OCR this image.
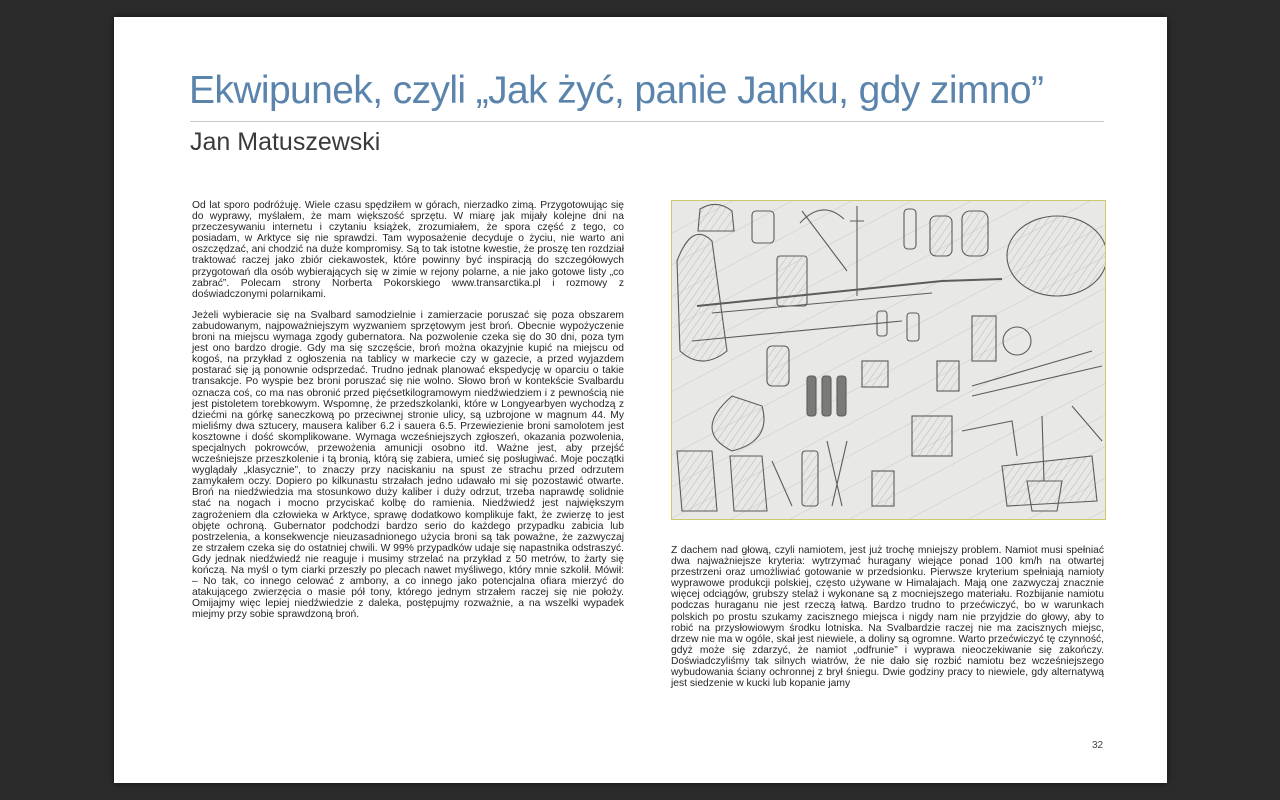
Ekwipunek, czyli „Jak żyć, panie Janku, gdy zimno”
Jan Matuszewski

Od lat sporo podróżuję. Wiele czasu spędziłem w górach, nierzadko zimą. Przygotowując się do wyprawy, myślałem, że mam większość sprzętu. W miarę jak mijały kolejne dni na przeczesywaniu internetu i czytaniu książek, zrozumiałem, że spora część z tego, co posiadam, w Arktyce się nie sprawdzi. Tam wyposażenie decyduje o życiu, nie warto ani oszczędzać, ani chodzić na duże kompromisy. Są to tak istotne kwestie, że proszę ten rozdział traktować raczej jako zbiór ciekawostek, które powinny być inspiracją do szczegółowych przygotowań dla osób wybierających się w zimie w rejony polarne, a nie jako gotowe listy „co zabrać”. Polecam strony Norberta Pokorskiego www.transarctika.pl i rozmowy z doświadczonymi polarnikami.

Jeżeli wybieracie się na Svalbard samodzielnie i zamierzacie poruszać się poza obszarem zabudowanym, najpoważniejszym wyzwaniem sprzętowym jest broń. Obecnie wypożyczenie broni na miejscu wymaga zgody gubernatora. Na pozwolenie czeka się do 30 dni, poza tym jest ono bardzo drogie. Gdy ma się szczęście, broń można okazyjnie kupić na miejscu od kogoś, na przykład z ogłoszenia na tablicy w markecie czy w gazecie, a przed wyjazdem postarać się ją ponownie odsprzedać. Trudno jednak planować ekspedycję w oparciu o takie transakcje. Po wyspie bez broni poruszać się nie wolno. Słowo broń w kontekście Svalbardu oznacza coś, co ma nas obronić przed pięćsetkilogramowym niedźwiedziem i z pewnością nie jest pistoletem torebkowym. Wspomnę, że przedszkolanki, które w Longyearbyen wychodzą z dziećmi na górkę saneczkową po przeciwnej stronie ulicy, są uzbrojone w magnum 44. My mieliśmy dwa sztucery, mausera kaliber 6.2 i sauera 6.5. Przewiezienie broni samolotem jest kosztowne i dość skomplikowane. Wymaga wcześniejszych zgłoszeń, okazania pozwolenia, specjalnych pokrowców, przewożenia amunicji osobno itd. Ważne jest, aby przejść wcześniejsze przeszkolenie i tą bronią, którą się zabiera, umieć się posługiwać. Moje początki wyglądały „klasycznie”, to znaczy przy naciskaniu na spust ze strachu przed odrzutem zamykałem oczy. Dopiero po kilkunastu strzałach jedno udawało mi się pozostawić otwarte. Broń na niedźwiedzia ma stosunkowo duży kaliber i duży odrzut, trzeba naprawdę solidnie stać na nogach i mocno przyciskać kolbę do ramienia. Niedźwiedź jest największym zagrożeniem dla człowieka w Arktyce, sprawę dodatkowo komplikuje fakt, że zwierzę to jest objęte ochroną. Gubernator podchodzi bardzo serio do każdego przypadku zabicia lub postrzelenia, a konsekwencje nieuzasadnionego użycia broni są tak poważne, że zazwyczaj ze strzałem czeka się do ostatniej chwili. W 99% przypadków udaje się napastnika odstraszyć. Gdy jednak niedźwiedź nie reaguje i musimy strzelać na przykład z 50 metrów, to żarty się kończą. Na myśl o tym ciarki przeszły po plecach nawet myśliwego, który mnie szkolił. Mówił: – No tak, co innego celować z ambony, a co innego jako potencjalna ofiara mierzyć do atakującego zwierzęcia o masie pół tony, którego jednym strzałem raczej się nie położy. Omijajmy więc lepiej niedźwiedzie z daleka, postępujmy rozważnie, a na wszelki wypadek miejmy przy sobie sprawdzoną broń.

Z dachem nad głową, czyli namiotem, jest już trochę mniejszy problem. Namiot musi spełniać dwa najważniejsze kryteria: wytrzymać huragany wiejące ponad 100 km/h na otwartej przestrzeni oraz umożliwiać gotowanie w przedsionku. Pierwsze kryterium spełniają namioty wyprawowe produkcji polskiej, często używane w Himalajach. Mają one zazwyczaj znacznie więcej odciągów, grubszy stelaż i wykonane są z mocniejszego materiału. Rozbijanie namiotu podczas huraganu nie jest rzeczą łatwą. Bardzo trudno to przećwiczyć, bo w warunkach polskich po prostu szukamy zacisznego miejsca i nigdy nam nie przyjdzie do głowy, aby to robić na przysłowiowym środku lotniska. Na Svalbardzie raczej nie ma zacisznych miejsc, drzew nie ma w ogóle, skał jest niewiele, a doliny są ogromne. Warto przećwiczyć tę czynność, gdyż może się zdarzyć, że namiot „odfrunie” i wyprawa nieoczekiwanie się zakończy. Doświadczyliśmy tak silnych wiatrów, że nie dało się rozbić namiotu bez wcześniejszego wybudowania ściany ochronnej z brył śniegu. Dwie godziny pracy to niewiele, gdy alternatywą jest siedzenie w kucki lub kopanie jamy

32
